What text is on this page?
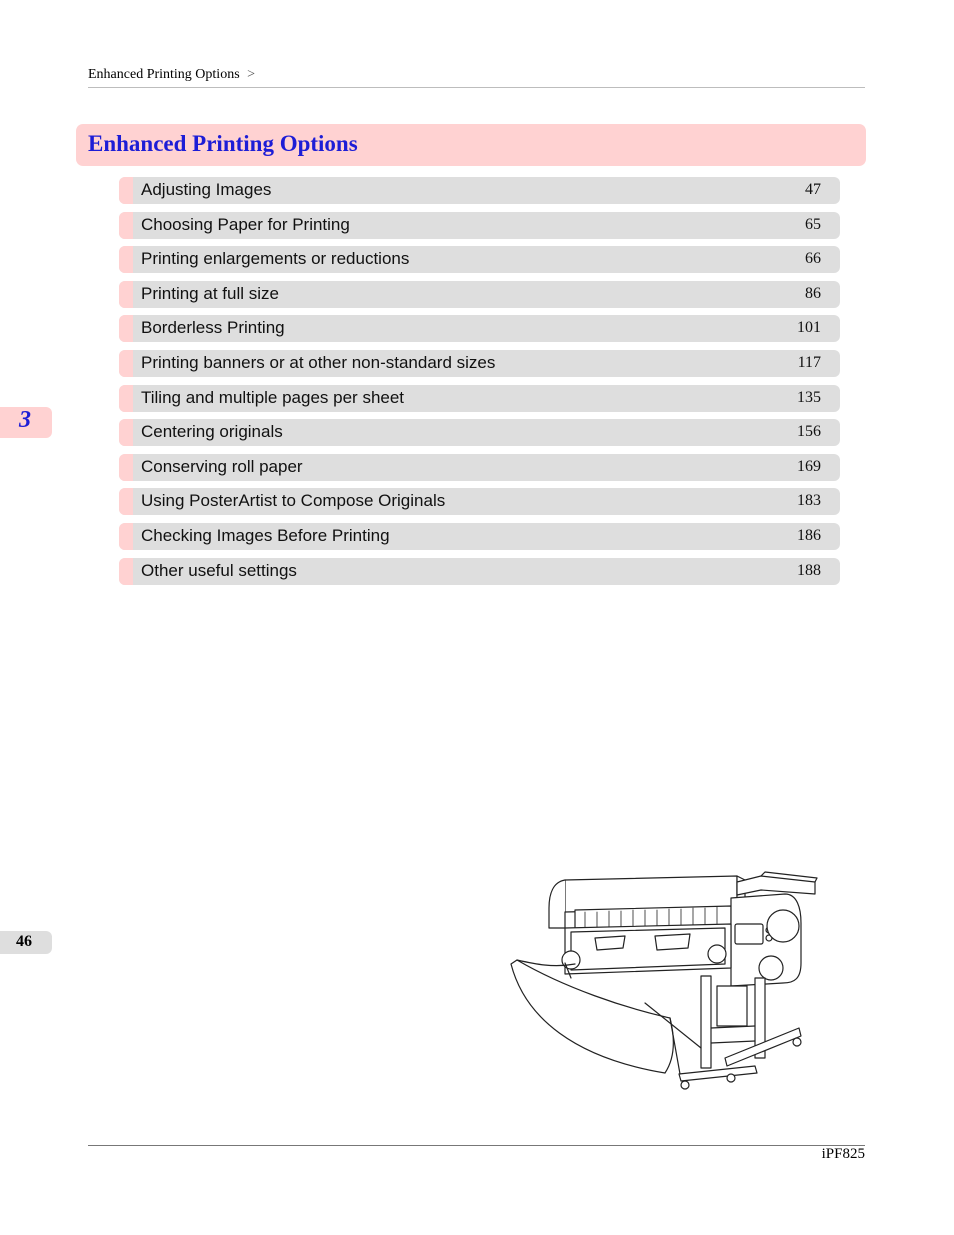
Enhanced Printing Options >
Enhanced Printing Options
Adjusting Images	47
Choosing Paper for Printing	65
Printing enlargements or reductions	66
Printing at full size	86
Borderless Printing	101
Printing banners or at other non-standard sizes	117
Tiling and multiple pages per sheet	135
Centering originals	156
Conserving roll paper	169
Using PosterArtist to Compose Originals	183
Checking Images Before Printing	186
Other useful settings	188
3
46
iPF825
